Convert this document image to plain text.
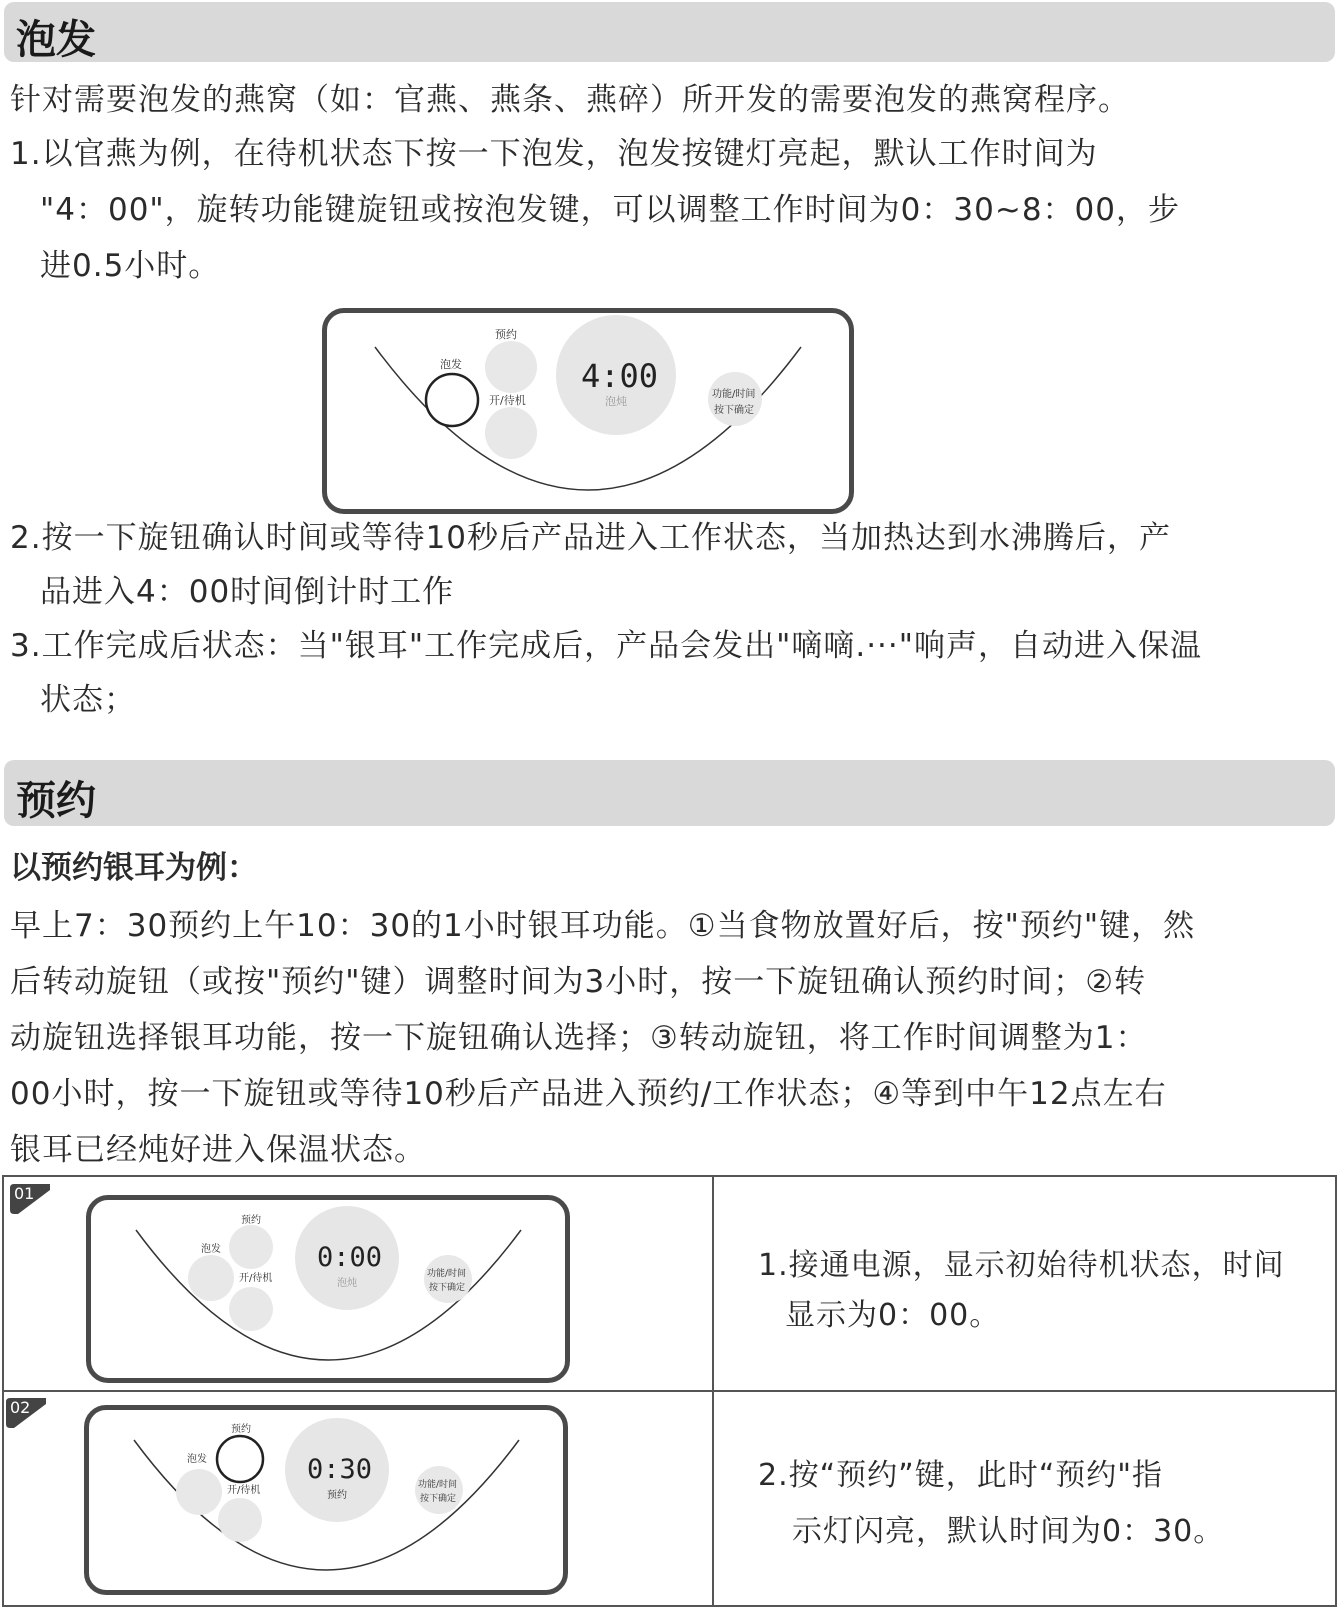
泡发
针对需要泡发的燕窝（如：官燕、燕条、燕碎）所开发的需要泡发的燕窝程序。
1.以官燕为例，在待机状态下按一下泡发，泡发按键灯亮起，默认工作时间为
"4：00"，旋转功能键旋钮或按泡发键，可以调整工作时间为0：30~8：00，步
进0.5小时。
预约
泡发
开/待机
4:00
泡炖
功能/时间
按下确定
2.按一下旋钮确认时间或等待10秒后产品进入工作状态，当加热达到水沸腾后，产
品进入4：00时间倒计时工作
3.工作完成后状态：当"银耳"工作完成后，产品会发出"嘀嘀.···"响声，自动进入保温
状态；
预约
以预约银耳为例：
早上7：30预约上午10：30的1小时银耳功能。①当食物放置好后，按"预约"键，然
后转动旋钮（或按"预约"键）调整时间为3小时，按一下旋钮确认预约时间；②转
动旋钮选择银耳功能，按一下旋钮确认选择；③转动旋钮，将工作时间调整为1：
00小时，按一下旋钮或等待10秒后产品进入预约/工作状态；④等到中午12点左右
银耳已经炖好进入保温状态。
01
预约
泡发
开/待机
0:00
泡炖
功能/时间
按下确定
1.接通电源，显示初始待机状态，时间
显示为0：00。
02
预约
泡发
开/待机
0:30
预约
功能/时间
按下确定
2.按“预约”键，此时“预约"指
示灯闪亮，默认时间为0：30。
